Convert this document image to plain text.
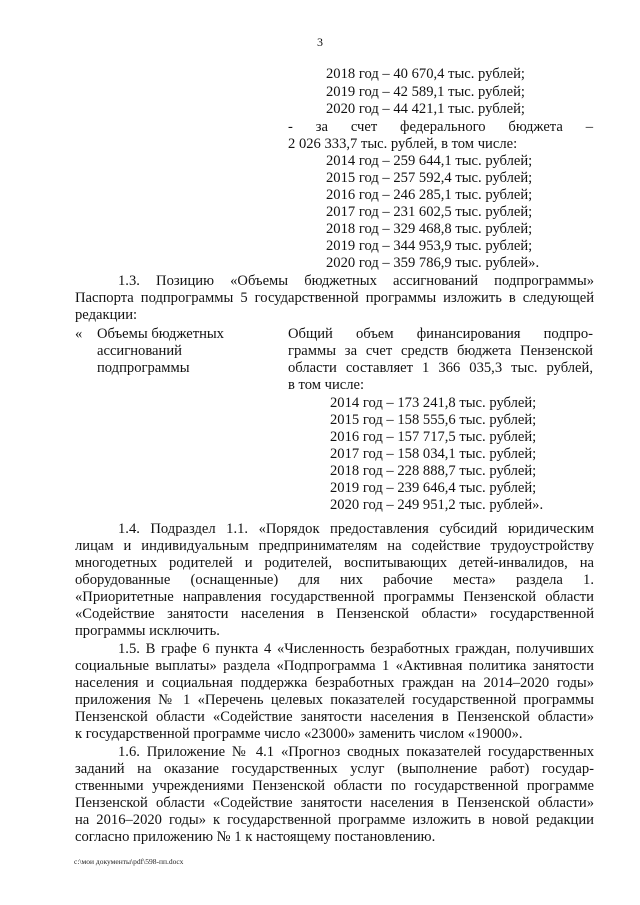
3
2018 год – 40 670,4 тыс. рублей;
2019 год – 42 589,1 тыс. рублей;
2020 год – 44 421,1 тыс. рублей;
- за счет федерального бюджета –
2 026 333,7 тыс. рублей, в том числе:
2014 год – 259 644,1 тыс. рублей;
2015 год – 257 592,4 тыс. рублей;
2016 год – 246 285,1 тыс. рублей;
2017 год – 231 602,5 тыс. рублей;
2018 год – 329 468,8 тыс. рублей;
2019 год – 344 953,9 тыс. рублей;
2020 год – 359 786,9 тыс. рублей».
1.3. Позицию «Объемы бюджетных ассигнований подпрограммы»
Паспорта подпрограммы 5 государственной программы изложить в следующей
редакции:
« Объемы бюджетных
ассигнований
подпрограммы
Общий объем финансирования подпро-
граммы за счет средств бюджета Пензенской
области составляет 1 366 035,3 тыс. рублей,
в том числе:
2014 год – 173 241,8 тыс. рублей;
2015 год – 158 555,6 тыс. рублей;
2016 год – 157 717,5 тыс. рублей;
2017 год – 158 034,1 тыс. рублей;
2018 год – 228 888,7 тыс. рублей;
2019 год – 239 646,4 тыс. рублей;
2020 год – 249 951,2 тыс. рублей».
1.4. Подраздел 1.1. «Порядок предоставления субсидий юридическим
лицам и индивидуальным предпринимателям на содействие трудоустройству
многодетных родителей и родителей, воспитывающих детей-инвалидов, на
оборудованные (оснащенные) для них рабочие места» раздела 1.
«Приоритетные направления государственной программы Пензенской области
«Содействие занятости населения в Пензенской области» государственной
программы исключить.
1.5. В графе 6 пункта 4 «Численность безработных граждан, получивших
социальные выплаты» раздела «Подпрограмма 1 «Активная политика занятости
населения и социальная поддержка безработных граждан на 2014–2020 годы»
приложения № 1 «Перечень целевых показателей государственной программы
Пензенской области «Содействие занятости населения в Пензенской области»
к государственной программе число «23000» заменить числом «19000».
1.6. Приложение № 4.1 «Прогноз сводных показателей государственных
заданий на оказание государственных услуг (выполнение работ) государ-
ственными учреждениями Пензенской области по государственной программе
Пензенской области «Содействие занятости населения в Пензенской области»
на 2016–2020 годы» к государственной программе изложить в новой редакции
согласно приложению № 1 к настоящему постановлению.
c:\мои документы\pdf\598-пп.docx
